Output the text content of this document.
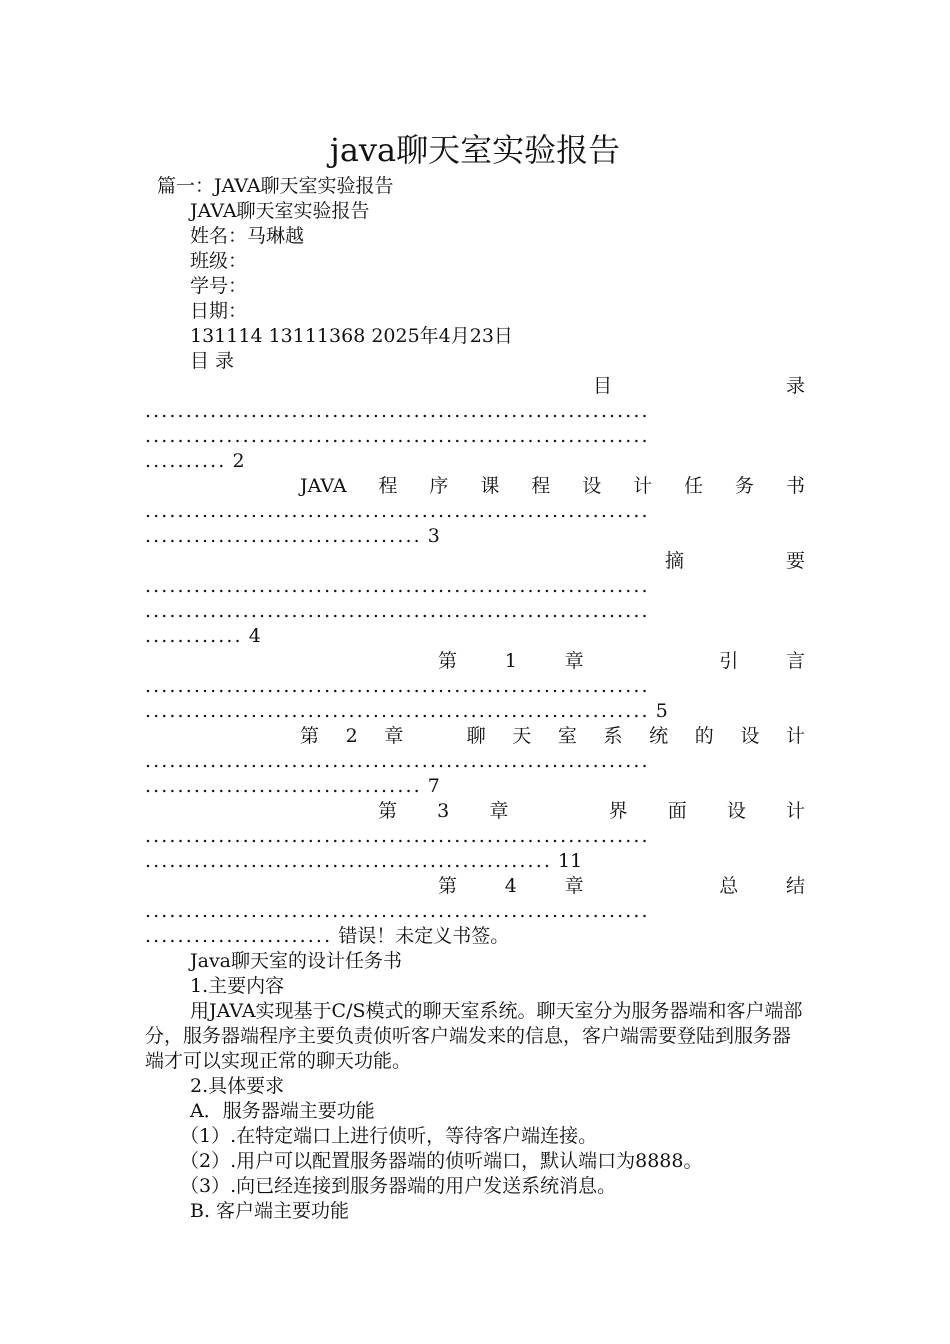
java聊天室实验报告
篇一：JAVA聊天室实验报告
JAVA聊天室实验报告
姓名：马琳越
班级：
学号：
日期：
131114 13111368 2025年4月23日
目 录
目	录
..............................................................
..............................................................
.......... 2
JAVA 程 序 课 程 设 计 任 务 书
..............................................................
.................................. 3
摘	要
..............................................................
..............................................................
............ 4
第	1	章	引	言
..............................................................
.............................................................. 5
第 2 章	聊 天 室 系 统 的 设 计
..............................................................
.................................. 7
第 3 章	界 面 设 计
..............................................................
.................................................. 11
第	4	章	总	结
..............................................................
....................... 错误！未定义书签。
Java聊天室的设计任务书
1.主要内容

用JAVA实现基于C/S模式的聊天室系统。聊天室分为服务器端和客户端部分，服务器端程序主要负责侦听客户端发来的信息，客户端需要登陆到服务器端才可以实现正常的聊天功能。

2.具体要求
A．服务器端主要功能
（1）.在特定端口上进行侦听，等待客户端连接。
（2）.用户可以配置服务器端的侦听端口，默认端口为8888。
（3）.向已经连接到服务器端的用户发送系统消息。
B. 客户端主要功能
